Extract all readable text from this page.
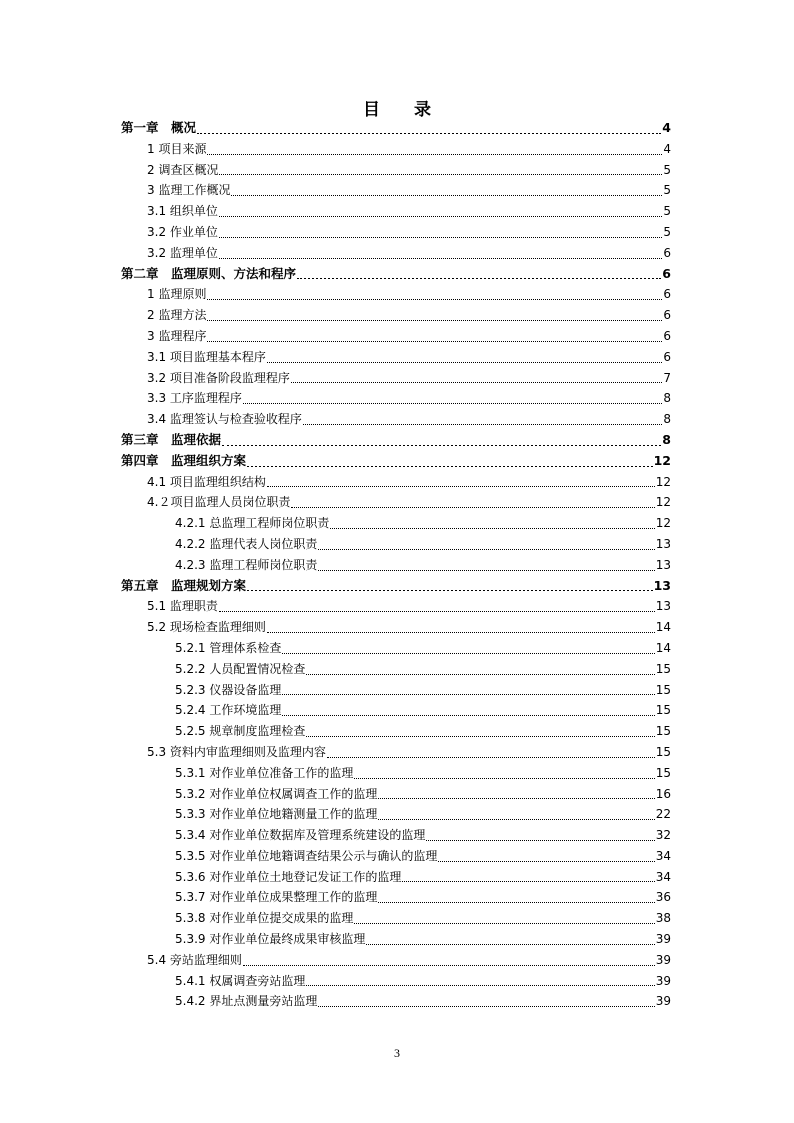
目 录
第一章　概况	4
1 项目来源	4
2 调查区概况	5
3 监理工作概况	5
3.1 组织单位	5
3.2 作业单位	5
3.2 监理单位	6
第二章　监理原则、方法和程序	6
1 监理原则	6
2 监理方法	6
3 监理程序	6
3.1 项目监理基本程序	6
3.2 项目准备阶段监理程序	7
3.3 工序监理程序	8
3.4 监理签认与检查验收程序	8
第三章　监理依据	8
第四章　监理组织方案	12
4.1 项目监理组织结构	12
4.２项目监理人员岗位职责	12
4.2.1 总监理工程师岗位职责	12
4.2.2 监理代表人岗位职责	13
4.2.3 监理工程师岗位职责	13
第五章　监理规划方案	13
5.1 监理职责	13
5.2 现场检查监理细则	14
5.2.1 管理体系检查	14
5.2.2 人员配置情况检查	15
5.2.3 仪器设备监理	15
5.2.4 工作环境监理	15
5.2.5 规章制度监理检查	15
5.3 资料内审监理细则及监理内容	15
5.3.1 对作业单位准备工作的监理	15
5.3.2 对作业单位权属调查工作的监理	16
5.3.3 对作业单位地籍测量工作的监理	22
5.3.4 对作业单位数据库及管理系统建设的监理	32
5.3.5 对作业单位地籍调查结果公示与确认的监理	34
5.3.6 对作业单位土地登记发证工作的监理	34
5.3.7 对作业单位成果整理工作的监理	36
5.3.8 对作业单位提交成果的监理	38
5.3.9 对作业单位最终成果审核监理	39
5.4 旁站监理细则	39
5.4.1 权属调查旁站监理	39
5.4.2 界址点测量旁站监理	39
3
